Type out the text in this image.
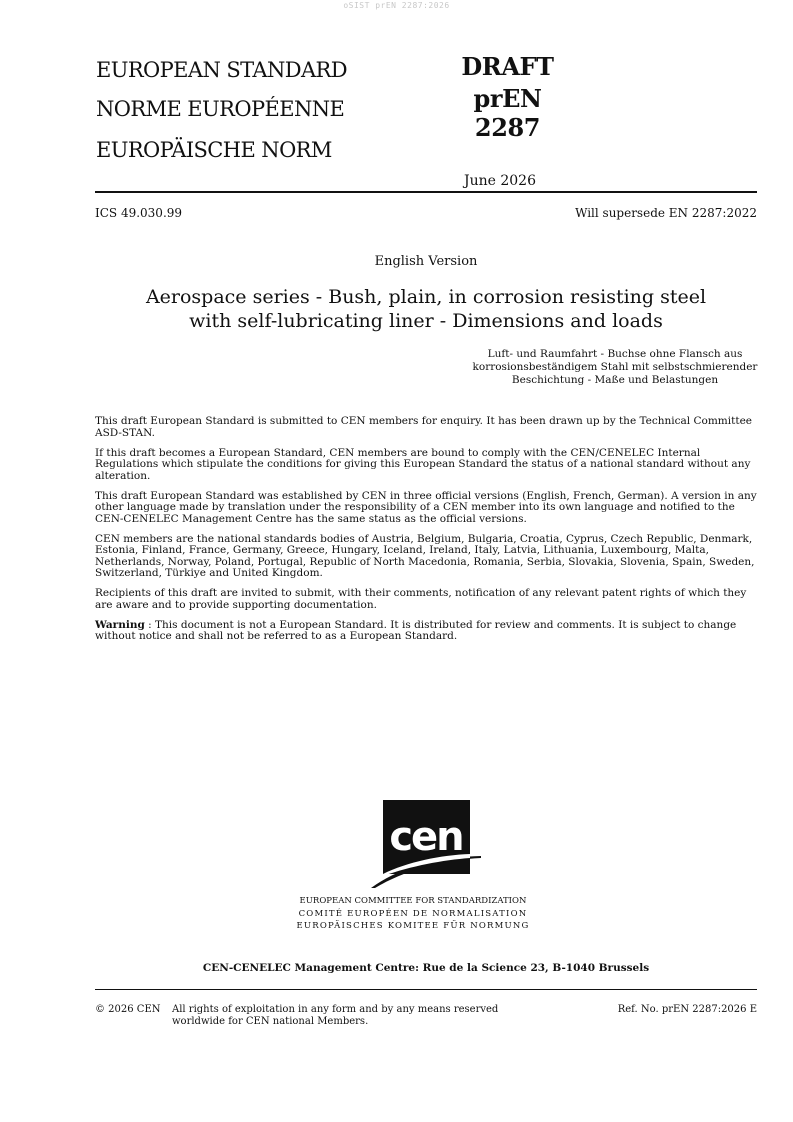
oSIST prEN 2287:2026
EUROPEAN STANDARD
NORME EUROPÉENNE
EUROPÄISCHE NORM
DRAFT
prEN 2287
June 2026
ICS 49.030.99	Will supersede EN 2287:2022
English Version
Aerospace series - Bush, plain, in corrosion resisting steel
with self-lubricating liner - Dimensions and loads
Luft- und Raumfahrt - Buchse ohne Flansch aus
korrosionsbeständigem Stahl mit selbstschmierender
Beschichtung - Maße und Belastungen

This draft European Standard is submitted to CEN members for enquiry. It has been drawn up by the Technical Committee ASD-STAN.

If this draft becomes a European Standard, CEN members are bound to comply with the CEN/CENELEC Internal Regulations which stipulate the conditions for giving this European Standard the status of a national standard without any alteration.

This draft European Standard was established by CEN in three official versions (English, French, German). A version in any other language made by translation under the responsibility of a CEN member into its own language and notified to the CEN-CENELEC Management Centre has the same status as the official versions.

CEN members are the national standards bodies of Austria, Belgium, Bulgaria, Croatia, Cyprus, Czech Republic, Denmark, Estonia, Finland, France, Germany, Greece, Hungary, Iceland, Ireland, Italy, Latvia, Lithuania, Luxembourg, Malta, Netherlands, Norway, Poland, Portugal, Republic of North Macedonia, Romania, Serbia, Slovakia, Slovenia, Spain, Sweden, Switzerland, Türkiye and United Kingdom.

Recipients of this draft are invited to submit, with their comments, notification of any relevant patent rights of which they are aware and to provide supporting documentation.

Warning : This document is not a European Standard. It is distributed for review and comments. It is subject to change without notice and shall not be referred to as a European Standard.

cen
EUROPEAN COMMITTEE FOR STANDARDIZATION
COMITÉ EUROPÉEN DE NORMALISATION
EUROPÄISCHES KOMITEE FÜR NORMUNG
CEN-CENELEC Management Centre: Rue de la Science 23, B-1040 Brussels
© 2026 CEN All rights of exploitation in any form and by any means reserved
worldwide for CEN national Members.
Ref. No. prEN 2287:2026 E
